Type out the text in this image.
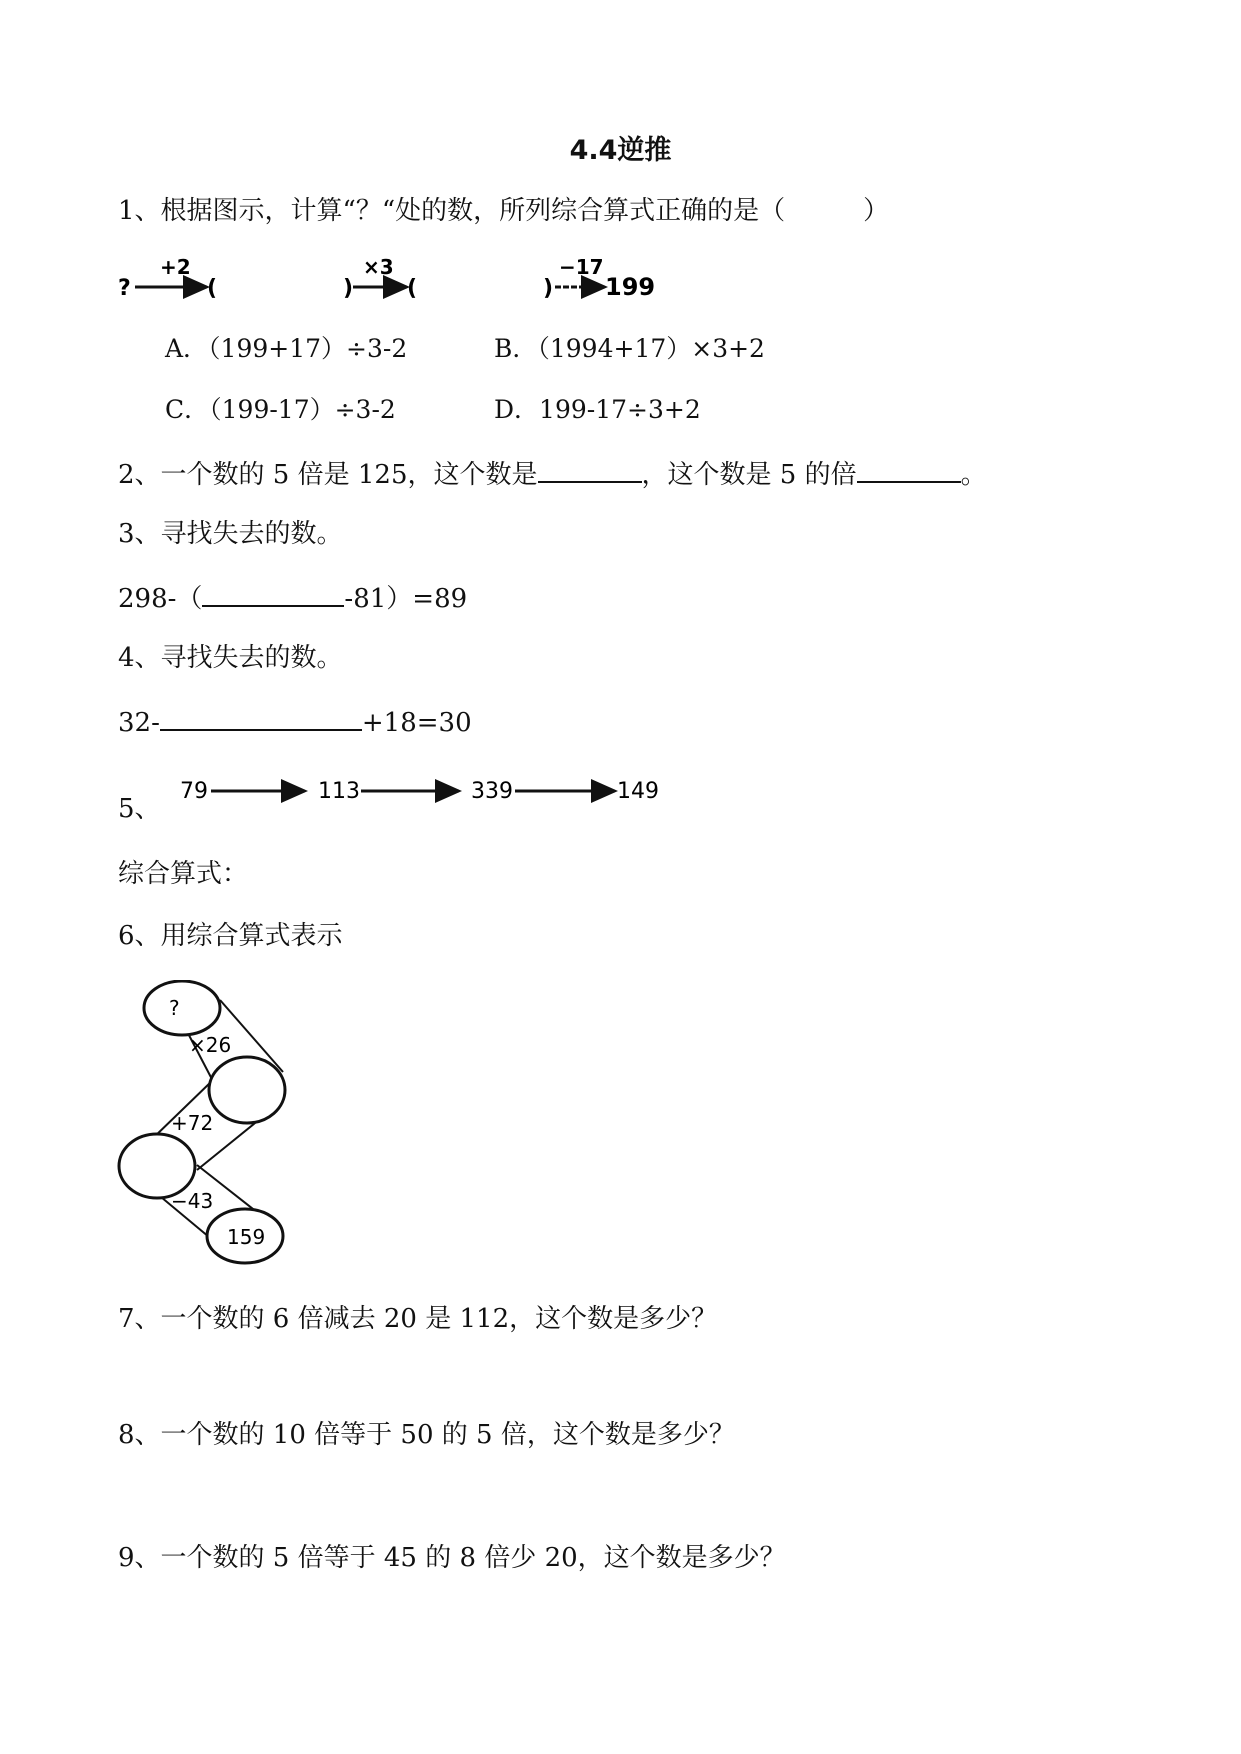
4.4逆推
1、根据图示，计算“？“处的数，所列综合算式正确的是（　　　）
?
+2
(	)
×3
(	)
−17
199
A．（199+17）÷3-2	B．（1994+17）×3+2
C．（199-17）÷3-2	D．199-17÷3+2
2、一个数的 5 倍是 125，这个数是	，这个数是 5 的倍	。
3、寻找失去的数。
298-（	-81）=89
4、寻找失去的数。
32-	+18=30
5、
79	113	339	149
综合算式：
6、用综合算式表示
?
×26
+72
−43
159
7、一个数的 6 倍减去 20 是 112，这个数是多少？
8、一个数的 10 倍等于 50 的 5 倍，这个数是多少？
9、一个数的 5 倍等于 45 的 8 倍少 20，这个数是多少？
